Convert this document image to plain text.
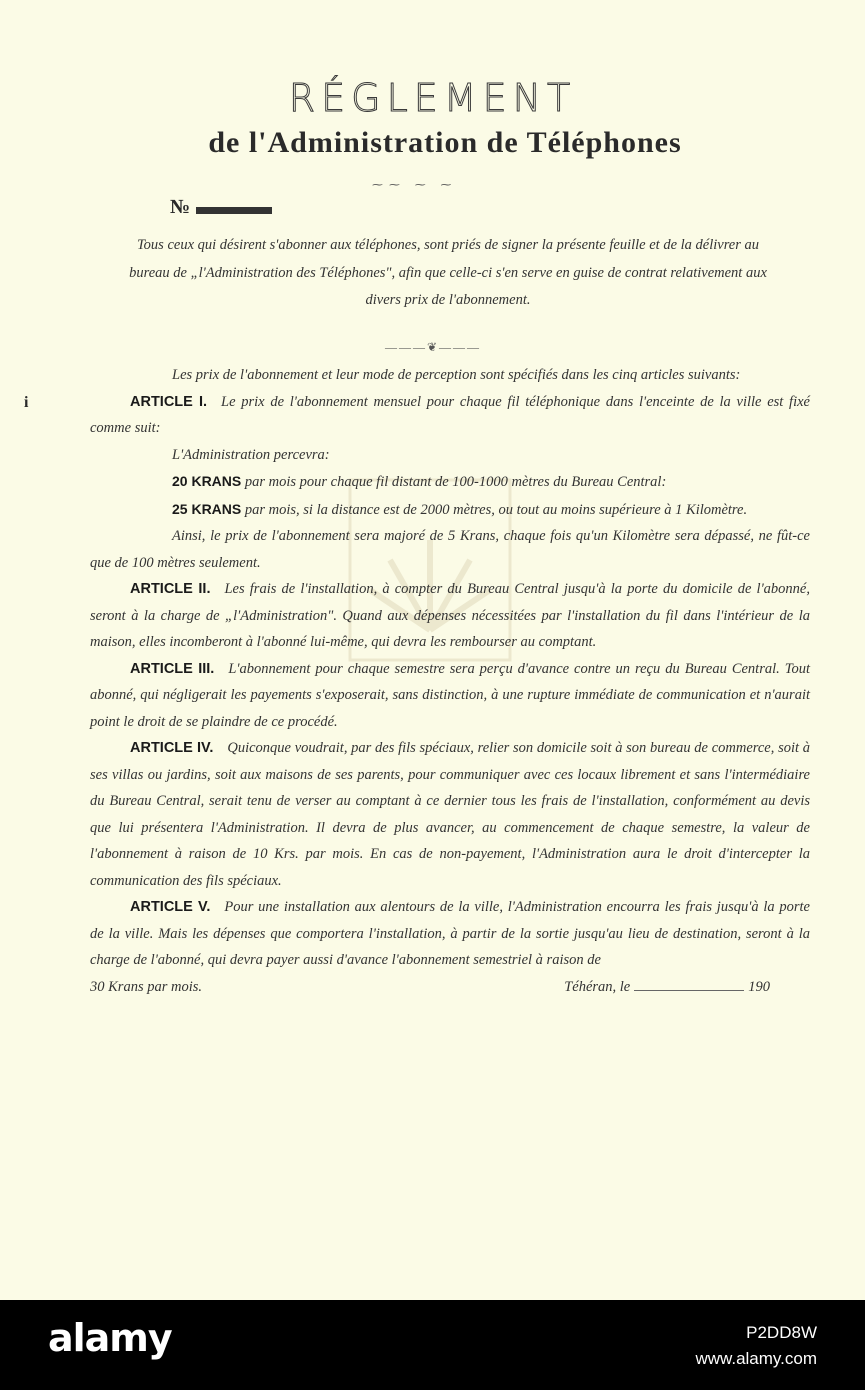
RÉGLEMENT
de l'Administration de Téléphones
⁓⁓ ⁓ ⁓
№
Tous ceux qui désirent s'abonner aux téléphones, sont priés de signer la présente feuille et de la délivrer au bureau de „l'Administration des Téléphones", afin que celle-ci s'en serve en guise de contrat relativement aux divers prix de l'abonnement.
———❦———
i

Les prix de l'abonnement et leur mode de perception sont spécifiés dans les cinq articles suivants:

ARTICLE I. Le prix de l'abonnement mensuel pour chaque fil téléphonique dans l'enceinte de la ville est fixé comme suit:

L'Administration percevra:

20 KRANS par mois pour chaque fil distant de 100-1000 mètres du Bureau Central:

25 KRANS par mois, si la distance est de 2000 mètres, ou tout au moins supérieure à 1 Kilomètre.

Ainsi, le prix de l'abonnement sera majoré de 5 Krans, chaque fois qu'un Kilomètre sera dépassé, ne fût-ce que de 100 mètres seulement.

ARTICLE II. Les frais de l'installation, à compter du Bureau Central jusqu'à la porte du domicile de l'abonné, seront à la charge de „l'Administration". Quand aux dépenses nécessitées par l'installation du fil dans l'intérieur de la maison, elles incomberont à l'abonné lui-même, qui devra les rembourser au comptant.

ARTICLE III. L'abonnement pour chaque semestre sera perçu d'avance contre un reçu du Bureau Central. Tout abonné, qui négligerait les payements s'exposerait, sans distinction, à une rupture immédiate de communication et n'aurait point le droit de se plaindre de ce procédé.

ARTICLE IV. Quiconque voudrait, par des fils spéciaux, relier son domicile soit à son bureau de commerce, soit à ses villas ou jardins, soit aux maisons de ses parents, pour communiquer avec ces locaux librement et sans l'intermédiaire du Bureau Central, serait tenu de verser au comptant à ce dernier tous les frais de l'installation, conformément au devis que lui présentera l'Administration. Il devra de plus avancer, au commencement de chaque semestre, la valeur de l'abonnement à raison de 10 Krs. par mois. En cas de non-payement, l'Administration aura le droit d'intercepter la communication des fils spéciaux.

ARTICLE V. Pour une installation aux alentours de la ville, l'Administration encourra les frais jusqu'à la porte de la ville. Mais les dépenses que comportera l'installation, à partir de la sortie jusqu'au lieu de destination, seront à la charge de l'abonné, qui devra payer aussi d'avance l'abonnement semestriel à raison de

30 Krans par mois.	Téhéran, le	190
alamy	P2DD8W
www.alamy.com
